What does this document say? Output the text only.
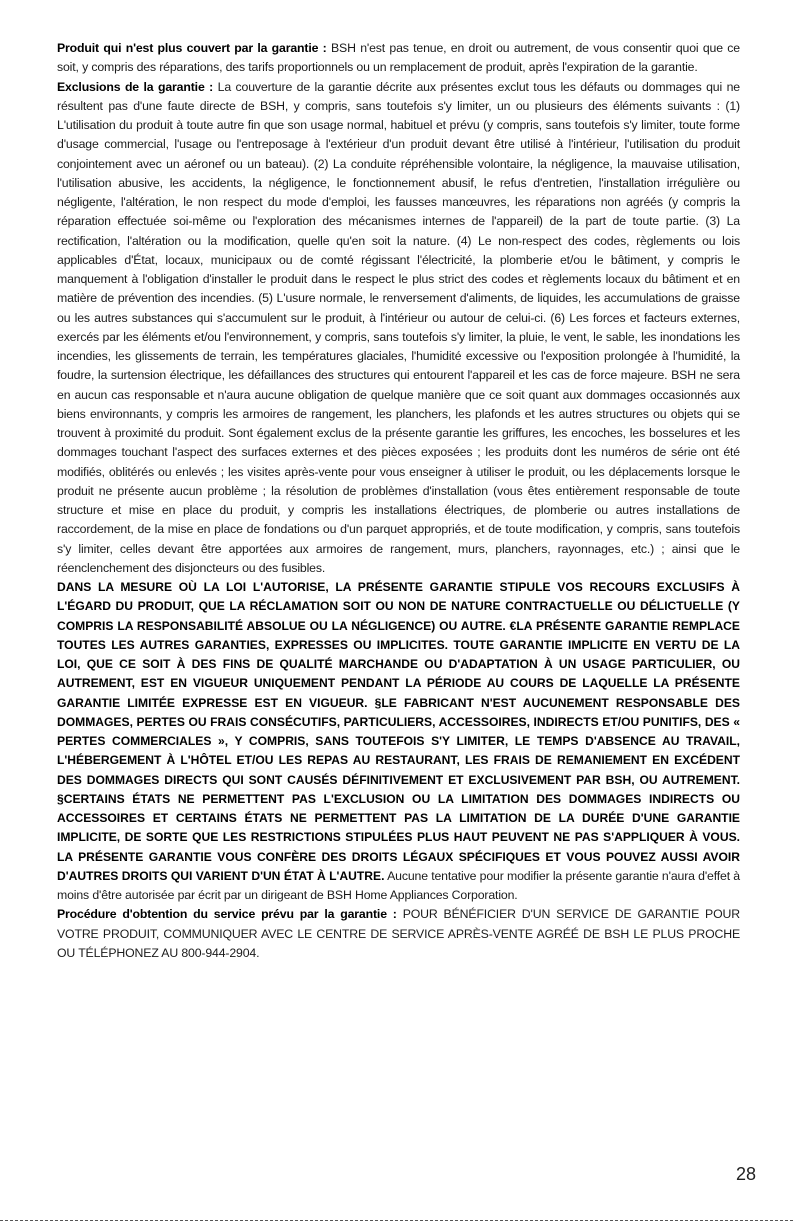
Produit qui n'est plus couvert par la garantie : BSH n'est pas tenue, en droit ou autrement, de vous consentir quoi que ce soit, y compris des réparations, des tarifs proportionnels ou un remplacement de produit, après l'expiration de la garantie.

Exclusions de la garantie : La couverture de la garantie décrite aux présentes exclut tous les défauts ou dommages qui ne résultent pas d'une faute directe de BSH, y compris, sans toutefois s'y limiter, un ou plusieurs des éléments suivants : (1) L'utilisation du produit à toute autre fin que son usage normal, habituel et prévu (y compris, sans toutefois s'y limiter, toute forme d'usage commercial, l'usage ou l'entreposage à l'extérieur d'un produit devant être utilisé à l'intérieur, l'utilisation du produit conjointement avec un aéronef ou un bateau). (2) La conduite répréhensible volontaire, la négligence, la mauvaise utilisation, l'utilisation abusive, les accidents, la négligence, le fonctionnement abusif, le refus d'entretien, l'installation irrégulière ou négligente, l'altération, le non respect du mode d'emploi, les fausses manœuvres, les réparations non agréés (y compris la réparation effectuée soi-même ou l'exploration des mécanismes internes de l'appareil) de la part de toute partie. (3) La rectification, l'altération ou la modification, quelle qu'en soit la nature. (4) Le non-respect des codes, règlements ou lois applicables d'État, locaux, municipaux ou de comté régissant l'électricité, la plomberie et/ou le bâtiment, y compris le manquement à l'obligation d'installer le produit dans le respect le plus strict des codes et règlements locaux du bâtiment et en matière de prévention des incendies. (5) L'usure normale, le renversement d'aliments, de liquides, les accumulations de graisse ou les autres substances qui s'accumulent sur le produit, à l'intérieur ou autour de celui-ci. (6) Les forces et facteurs externes, exercés par les éléments et/ou l'environnement, y compris, sans toutefois s'y limiter, la pluie, le vent, le sable, les inondations les incendies, les glissements de terrain, les températures glaciales, l'humidité excessive ou l'exposition prolongée à l'humidité, la foudre, la surtension électrique, les défaillances des structures qui entourent l'appareil et les cas de force majeure. BSH ne sera en aucun cas responsable et n'aura aucune obligation de quelque manière que ce soit quant aux dommages occasionnés aux biens environnants, y compris les armoires de rangement, les planchers, les plafonds et les autres structures ou objets qui se trouvent à proximité du produit. Sont également exclus de la présente garantie les griffures, les encoches, les bosselures et les dommages touchant l'aspect des surfaces externes et des pièces exposées ; les produits dont les numéros de série ont été modifiés, oblitérés ou enlevés ; les visites après-vente pour vous enseigner à utiliser le produit, ou les déplacements lorsque le produit ne présente aucun problème ; la résolution de problèmes d'installation (vous êtes entièrement responsable de toute structure et mise en place du produit, y compris les installations électriques, de plomberie ou autres installations de raccordement, de la mise en place de fondations ou d'un parquet appropriés, et de toute modification, y compris, sans toutefois s'y limiter, celles devant être apportées aux armoires de rangement, murs, planchers, rayonnages, etc.) ; ainsi que le réenclenchement des disjoncteurs ou des fusibles.

DANS LA MESURE OÙ LA LOI L'AUTORISE, LA PRÉSENTE GARANTIE STIPULE VOS RECOURS EXCLUSIFS À L'ÉGARD DU PRODUIT, QUE LA RÉCLAMATION SOIT OU NON DE NATURE CONTRACTUELLE OU DÉLICTUELLE (Y COMPRIS LA RESPONSABILITÉ ABSOLUE OU LA NÉGLIGENCE) OU AUTRE. €LA PRÉSENTE GARANTIE REMPLACE TOUTES LES AUTRES GARANTIES, EXPRESSES OU IMPLICITES. TOUTE GARANTIE IMPLICITE EN VERTU DE LA LOI, QUE CE SOIT À DES FINS DE QUALITÉ MARCHANDE OU D'ADAPTATION À UN USAGE PARTICULIER, OU AUTREMENT, EST EN VIGUEUR UNIQUEMENT PENDANT LA PÉRIODE AU COURS DE LAQUELLE LA PRÉSENTE GARANTIE LIMITÉE EXPRESSE EST EN VIGUEUR. §LE FABRICANT N'EST AUCUNEMENT RESPONSABLE DES DOMMAGES, PERTES OU FRAIS CONSÉCUTIFS, PARTICULIERS, ACCESSOIRES, INDIRECTS ET/OU PUNITIFS, DES « PERTES COMMERCIALES », Y COMPRIS, SANS TOUTEFOIS S'Y LIMITER, LE TEMPS D'ABSENCE AU TRAVAIL, L'HÉBERGEMENT À L'HÔTEL ET/OU LES REPAS AU RESTAURANT, LES FRAIS DE REMANIEMENT EN EXCÉDENT DES DOMMAGES DIRECTS QUI SONT CAUSÉS DÉFINITIVEMENT ET EXCLUSIVEMENT PAR BSH, OU AUTREMENT. §CERTAINS ÉTATS NE PERMETTENT PAS L'EXCLUSION OU LA LIMITATION DES DOMMAGES INDIRECTS OU ACCESSOIRES ET CERTAINS ÉTATS NE PERMETTENT PAS LA LIMITATION DE LA DURÉE D'UNE GARANTIE IMPLICITE, DE SORTE QUE LES RESTRICTIONS STIPULÉES PLUS HAUT PEUVENT NE PAS S'APPLIQUER À VOUS. LA PRÉSENTE GARANTIE VOUS CONFÈRE DES DROITS LÉGAUX SPÉCIFIQUES ET VOUS POUVEZ AUSSI AVOIR D'AUTRES DROITS QUI VARIENT D'UN ÉTAT À L'AUTRE. Aucune tentative pour modifier la présente garantie n'aura d'effet à moins d'être autorisée par écrit par un dirigeant de BSH Home Appliances Corporation.

Procédure d'obtention du service prévu par la garantie : POUR BÉNÉFICIER D'UN SERVICE DE GARANTIE POUR VOTRE PRODUIT, COMMUNIQUER AVEC LE CENTRE DE SERVICE APRÈS-VENTE AGRÉÉ DE BSH LE PLUS PROCHE OU TÉLÉPHONEZ AU 800-944-2904.

28
